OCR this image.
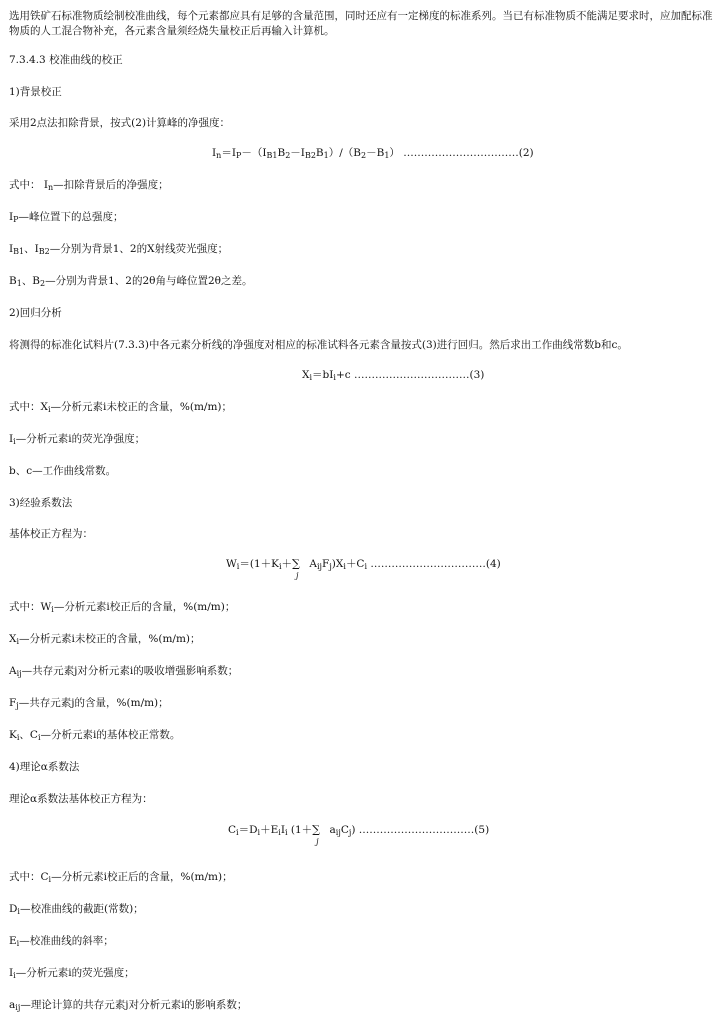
选用铁矿石标准物质绘制校准曲线，每个元素都应具有足够的含量范围，同时还应有一定梯度的标准系列。当已有标准物质不能满足要求时，应加配标准物质的人工混合物补充，各元素含量须经烧失量校正后再输入计算机。
7.3.4.3 校准曲线的校正
1)背景校正
采用2点法扣除背景，按式(2)计算峰的净强度：
$I_n=I_P-(I_{B1}B_2-I_{B2}B_1)/(B_2-B_1)$ ……………………………(2)
式中： $I_n—$扣除背景后的净强度；
$I_P—$峰位置下的总强度；
$I_{B1}$、$I_{B2}—$分别为背景1、2的X射线荧光强度；
$B_1$、$B_2—$分别为背景1、2的2θ角与峰位置2θ之差。
2)回归分析
将测得的标准化试料片(7.3.3)中各元素分析线的净强度对相应的标准试料各元素含量按式(3)进行回归。然后求出工作曲线常数b和c。
$X_i=bI_i+c$ ……………………………(3)
式中：$X_i—$分析元素i未校正的含量，%(m/m)；
$I_i—$分析元素i的荧光净强度；
b、c—工作曲线常数。
3)经验系数法
基体校正方程为：
$W_i=(1+K_i+\sum$
j
$A_{ij}F_j)X_i+C_i$ ……………………………(4)
式中：$W_i—$分析元素i校正后的含量，%(m/m)；
$X_i—$分析元素i未校正的含量，%(m/m)；
$A_{ij}—$共存元素j对分析元素i的吸收增强影响系数；
$F_j—$共存元素j的含量，%(m/m)；
$K_i$、$C_i—$分析元素i的基体校正常数。
4)理论α系数法
理论α系数法基体校正方程为：
$C_i=D_i+E_iI_i$ (1＋∑
j
$a_{ij}C_j$) ……………………………(5)
式中：$C_i—$分析元素i校正后的含量，%(m/m)；
$D_i—$校准曲线的截距(常数)；
$E_i—$校准曲线的斜率；
$I_i—$分析元素i的荧光强度；
$a_{ij}—$理论计算的共存元素j对分析元素i的影响系数；
